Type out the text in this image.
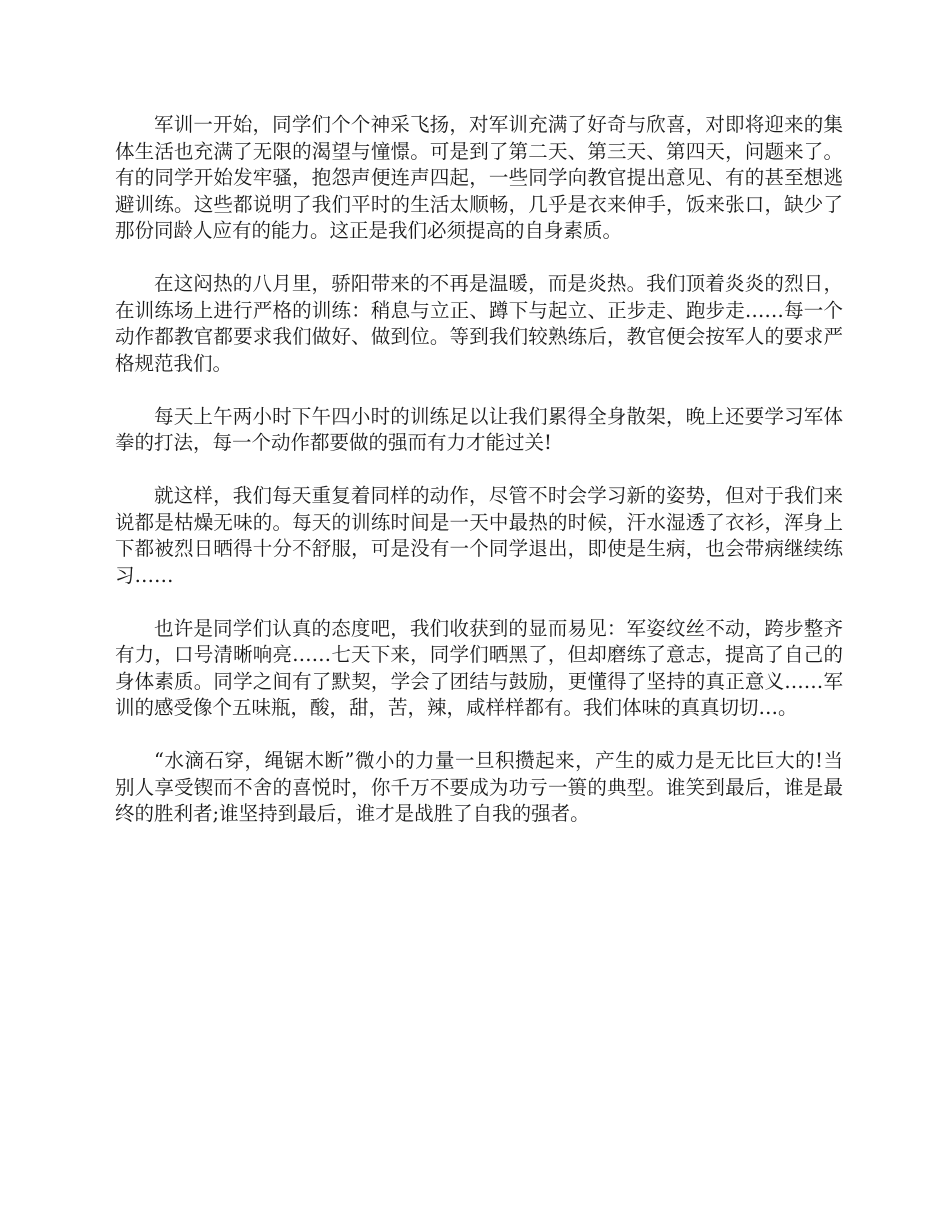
军训一开始，同学们个个神采飞扬，对军训充满了好奇与欣喜，对即将迎来的集体生活也充满了无限的渴望与憧憬。可是到了第二天、第三天、第四天，问题来了。有的同学开始发牢骚，抱怨声便连声四起，一些同学向教官提出意见、有的甚至想逃避训练。这些都说明了我们平时的生活太顺畅，几乎是衣来伸手，饭来张口，缺少了那份同龄人应有的能力。这正是我们必须提高的自身素质。

在这闷热的八月里，骄阳带来的不再是温暖，而是炎热。我们顶着炎炎的烈日，在训练场上进行严格的训练：稍息与立正、蹲下与起立、正步走、跑步走……每一个动作都教官都要求我们做好、做到位。等到我们较熟练后，教官便会按军人的要求严格规范我们。

每天上午两小时下午四小时的训练足以让我们累得全身散架，晚上还要学习军体拳的打法，每一个动作都要做的强而有力才能过关!

就这样，我们每天重复着同样的动作，尽管不时会学习新的姿势，但对于我们来说都是枯燥无味的。每天的训练时间是一天中最热的时候，汗水湿透了衣衫，浑身上下都被烈日晒得十分不舒服，可是没有一个同学退出，即使是生病，也会带病继续练习……

也许是同学们认真的态度吧，我们收获到的显而易见：军姿纹丝不动，跨步整齐有力，口号清晰响亮……七天下来，同学们晒黑了，但却磨练了意志，提高了自己的身体素质。同学之间有了默契，学会了团结与鼓励，更懂得了坚持的真正意义……军训的感受像个五味瓶，酸，甜，苦，辣，咸样样都有。我们体味的真真切切…。

“水滴石穿，绳锯木断”微小的力量一旦积攒起来，产生的威力是无比巨大的!当别人享受锲而不舍的喜悦时，你千万不要成为功亏一篑的典型。谁笑到最后，谁是最终的胜利者;谁坚持到最后，谁才是战胜了自我的强者。
